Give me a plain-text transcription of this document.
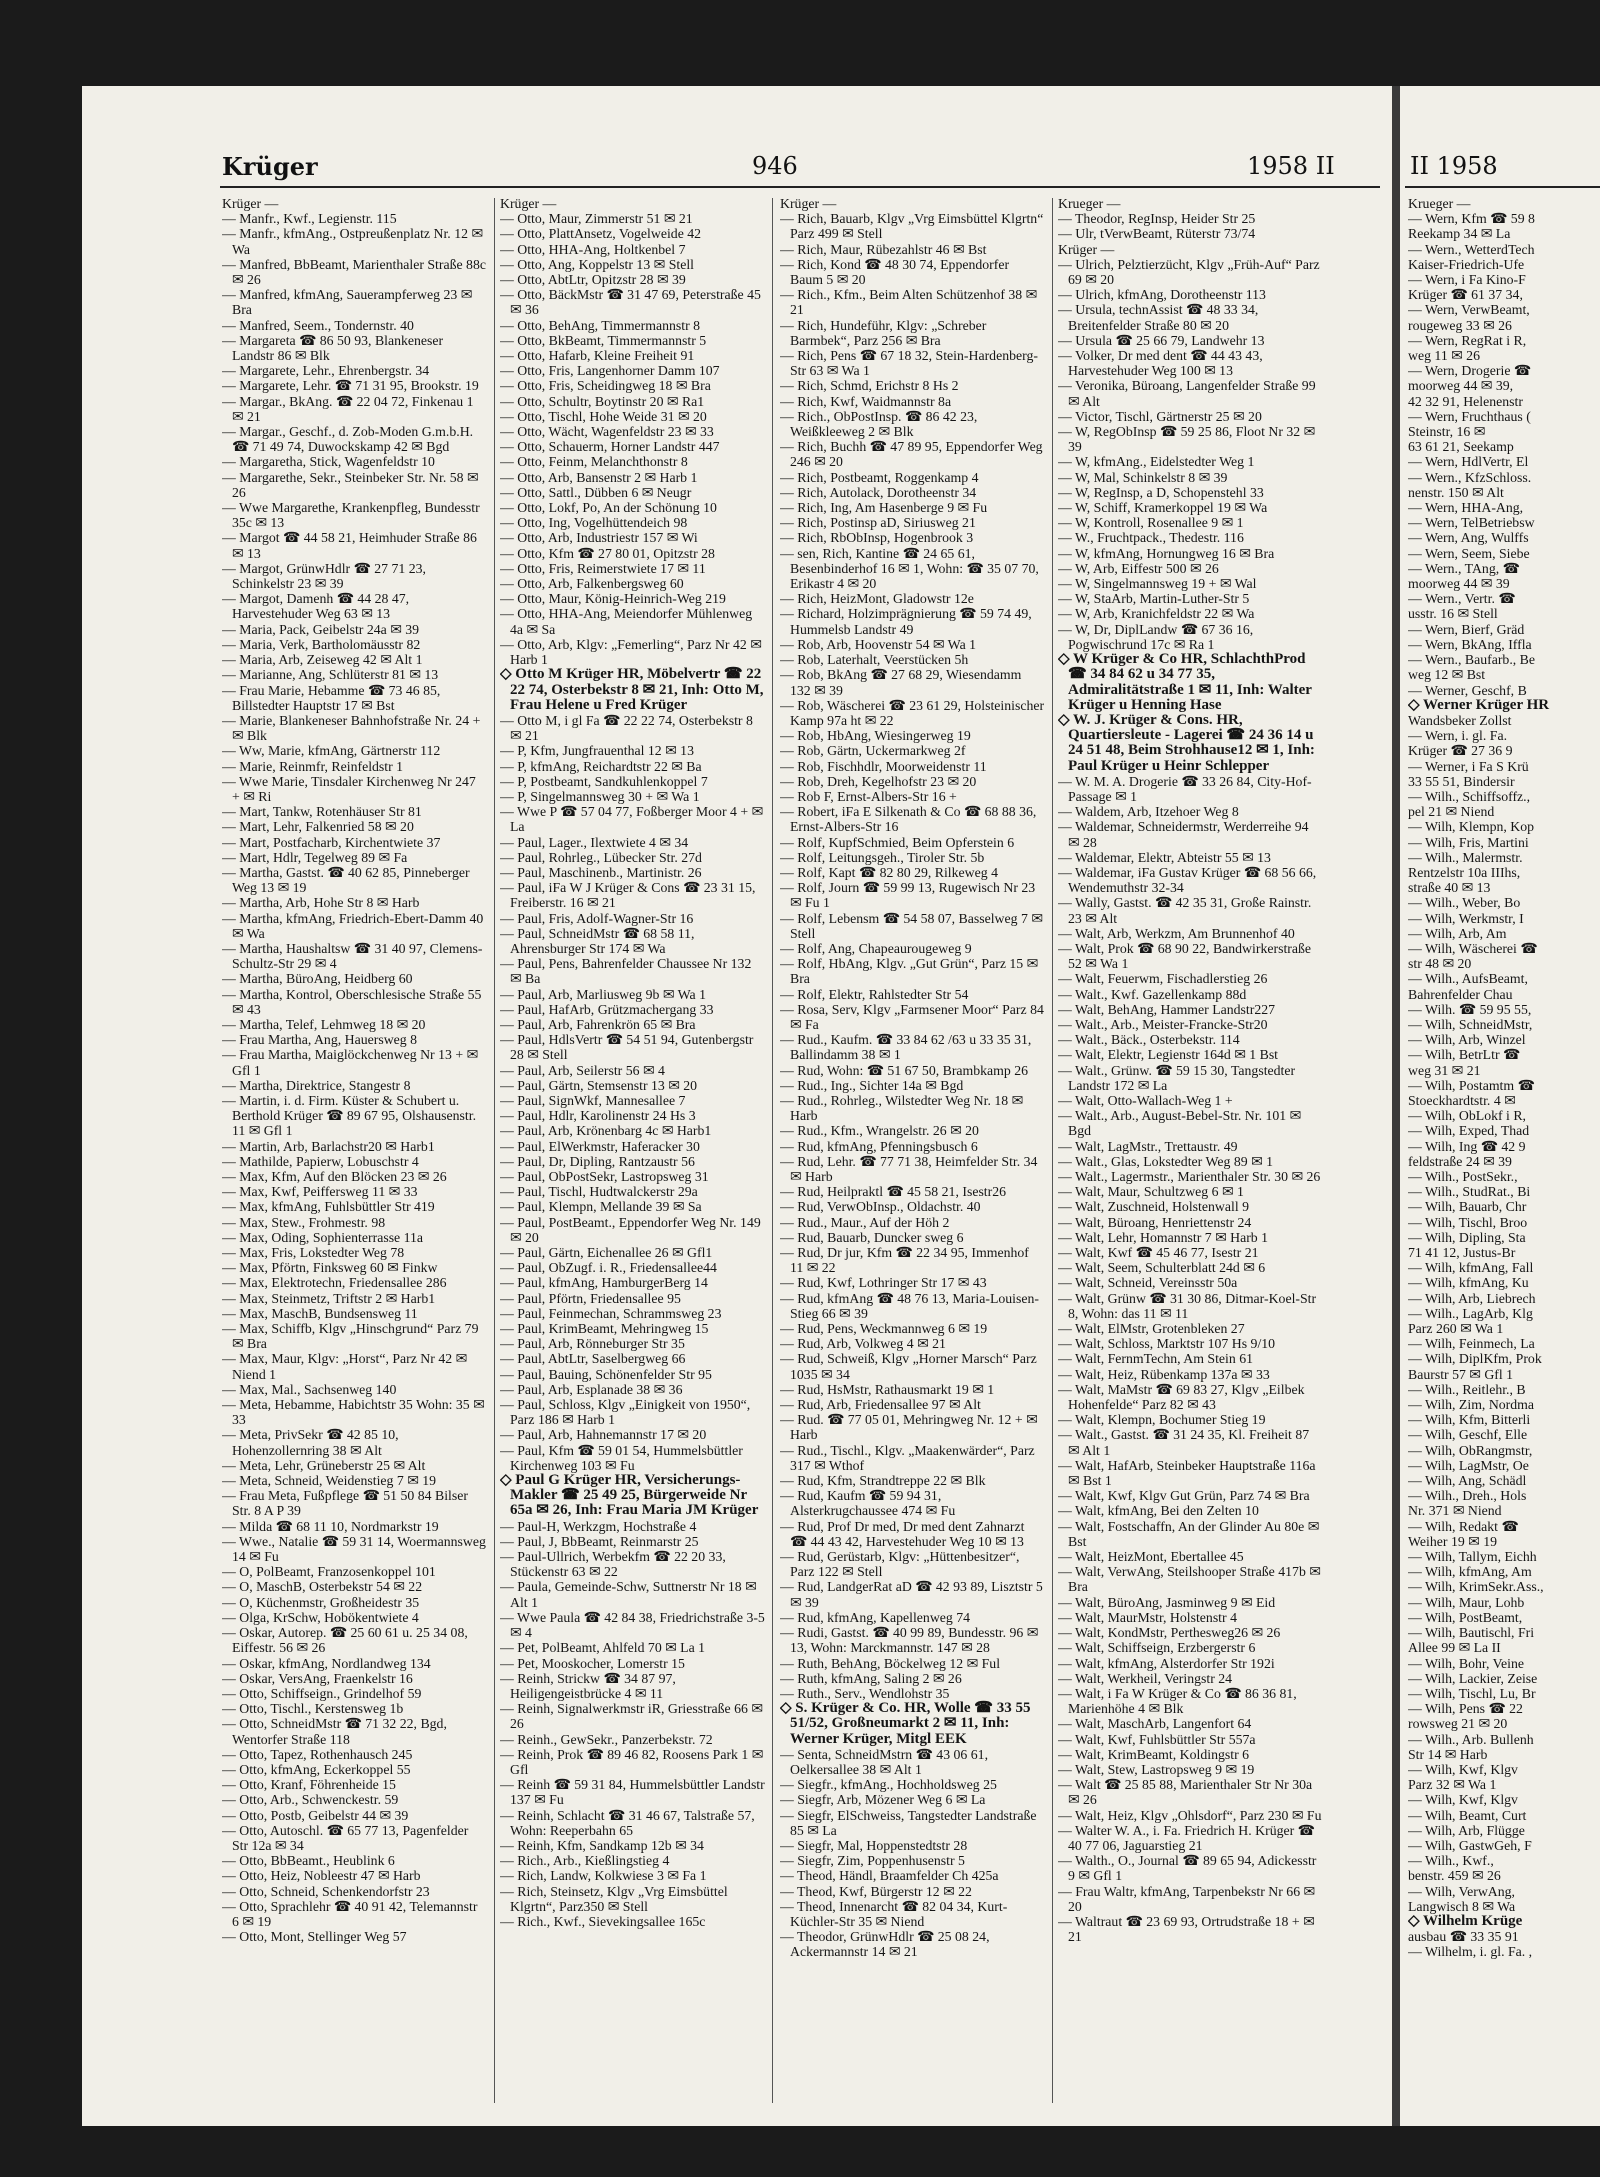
Krüger	946	1958 II
Krüger —
— Manfr., Kwf., Legienstr. 115
— Manfr., kfmAng., Ostpreußenplatz Nr. 12 ✉ Wa
— Manfred, BbBeamt, Marienthaler Straße 88c ✉ 26
— Manfred, kfmAng, Sauerampferweg 23 ✉ Bra
— Manfred, Seem., Tondernstr. 40
— Margareta ☎ 86 50 93, Blankeneser Landstr 86 ✉ Blk
— Margarete, Lehr., Ehrenbergstr. 34
— Margarete, Lehr. ☎ 71 31 95, Brookstr. 19
— Margar., BkAng. ☎ 22 04 72, Finkenau 1 ✉ 21
— Margar., Geschf., d. Zob-Moden G.m.b.H. ☎ 71 49 74, Duwockskamp 42 ✉ Bgd
— Margaretha, Stick, Wagenfeldstr 10
— Margarethe, Sekr., Steinbeker Str. Nr. 58 ✉ 26
— Wwe Margarethe, Krankenpfleg, Bundesstr 35c ✉ 13
— Margot ☎ 44 58 21, Heimhuder Straße 86 ✉ 13
— Margot, GrünwHdlr ☎ 27 71 23, Schinkelstr 23 ✉ 39
— Margot, Damenh ☎ 44 28 47, Harvestehuder Weg 63 ✉ 13
— Maria, Pack, Geibelstr 24a ✉ 39
— Maria, Verk, Bartholomäusstr 82
— Maria, Arb, Zeiseweg 42 ✉ Alt 1
— Marianne, Ang, Schlüterstr 81 ✉ 13
— Frau Marie, Hebamme ☎ 73 46 85, Billstedter Hauptstr 17 ✉ Bst
— Marie, Blankeneser Bahnhofstraße Nr. 24 + ✉ Blk
— Ww, Marie, kfmAng, Gärtnerstr 112
— Marie, Reinmfr, Reinfeldstr 1
— Wwe Marie, Tinsdaler Kirchenweg Nr 247 + ✉ Ri
— Mart, Tankw, Rotenhäuser Str 81
— Mart, Lehr, Falkenried 58 ✉ 20
— Mart, Postfacharb, Kirchentwiete 37
— Mart, Hdlr, Tegelweg 89 ✉ Fa
— Martha, Gastst. ☎ 40 62 85, Pinneberger Weg 13 ✉ 19
— Martha, Arb, Hohe Str 8 ✉ Harb
— Martha, kfmAng, Friedrich-Ebert-Damm 40 ✉ Wa
— Martha, Haushaltsw ☎ 31 40 97, Clemens-Schultz-Str 29 ✉ 4
— Martha, BüroAng, Heidberg 60
— Martha, Kontrol, Oberschlesische Straße 55 ✉ 43
— Martha, Telef, Lehmweg 18 ✉ 20
— Frau Martha, Ang, Hauersweg 8
— Frau Martha, Maiglöckchenweg Nr 13 + ✉ Gfl 1
— Martha, Direktrice, Stangestr 8
— Martin, i. d. Firm. Küster & Schubert u. Berthold Krüger ☎ 89 67 95, Olshausenstr. 11 ✉ Gfl 1
— Martin, Arb, Barlachstr20 ✉ Harb1
— Mathilde, Papierw, Lobuschstr 4
— Max, Kfm, Auf den Blöcken 23 ✉ 26
— Max, Kwf, Peiffersweg 11 ✉ 33
— Max, kfmAng, Fuhlsbüttler Str 419
— Max, Stew., Frohmestr. 98
— Max, Oding, Sophienterrasse 11a
— Max, Fris, Lokstedter Weg 78
— Max, Pförtn, Finksweg 60 ✉ Finkw
— Max, Elektrotechn, Friedensallee 286
— Max, Steinmetz, Triftstr 2 ✉ Harb1
— Max, MaschB, Bundsensweg 11
— Max, Schiffb, Klgv „Hinschgrund“ Parz 79 ✉ Bra
— Max, Maur, Klgv: „Horst“, Parz Nr 42 ✉ Niend 1
— Max, Mal., Sachsenweg 140
— Meta, Hebamme, Habichtstr 35 Wohn: 35 ✉ 33
— Meta, PrivSekr ☎ 42 85 10, Hohenzollernring 38 ✉ Alt
— Meta, Lehr, Grüneberstr 25 ✉ Alt
— Meta, Schneid, Weidenstieg 7 ✉ 19
— Frau Meta, Fußpflege ☎ 51 50 84 Bilser Str. 8 A P 39
— Milda ☎ 68 11 10, Nordmarkstr 19
— Wwe., Natalie ☎ 59 31 14, Woermannsweg 14 ✉ Fu
— O, PolBeamt, Franzosenkoppel 101
— O, MaschB, Osterbekstr 54 ✉ 22
— O, Küchenmstr, Großheidestr 35
— Olga, KrSchw, Hobökentwiete 4
— Oskar, Autorep. ☎ 25 60 61 u. 25 34 08, Eiffestr. 56 ✉ 26
— Oskar, kfmAng, Nordlandweg 134
— Oskar, VersAng, Fraenkelstr 16
— Otto, Schiffseign., Grindelhof 59
— Otto, Tischl., Kerstensweg 1b
— Otto, SchneidMstr ☎ 71 32 22, Bgd, Wentorfer Straße 118
— Otto, Tapez, Rothenhausch 245
— Otto, kfmAng, Eckerkoppel 55
— Otto, Kranf, Föhrenheide 15
— Otto, Arb., Schwenckestr. 59
— Otto, Postb, Geibelstr 44 ✉ 39
— Otto, Autoschl. ☎ 65 77 13, Pagenfelder Str 12a ✉ 34
— Otto, BbBeamt., Heublink 6
— Otto, Heiz, Nobleestr 47 ✉ Harb
— Otto, Schneid, Schenkendorfstr 23
— Otto, Sprachlehr ☎ 40 91 42, Telemannstr 6 ✉ 19
— Otto, Mont, Stellinger Weg 57
Krüger —
— Otto, Maur, Zimmerstr 51 ✉ 21
— Otto, PlattAnsetz, Vogelweide 42
— Otto, HHA-Ang, Holtkenbel 7
— Otto, Ang, Koppelstr 13 ✉ Stell
— Otto, AbtLtr, Opitzstr 28 ✉ 39
— Otto, BäckMstr ☎ 31 47 69, Peterstraße 45 ✉ 36
— Otto, BehAng, Timmermannstr 8
— Otto, BkBeamt, Timmermannstr 5
— Otto, Hafarb, Kleine Freiheit 91
— Otto, Fris, Langenhorner Damm 107
— Otto, Fris, Scheidingweg 18 ✉ Bra
— Otto, Schultr, Boytinstr 20 ✉ Ra1
— Otto, Tischl, Hohe Weide 31 ✉ 20
— Otto, Wächt, Wagenfeldstr 23 ✉ 33
— Otto, Schauerm, Horner Landstr 447
— Otto, Feinm, Melanchthonstr 8
— Otto, Arb, Bansenstr 2 ✉ Harb 1
— Otto, Sattl., Dübben 6 ✉ Neugr
— Otto, Lokf, Po, An der Schönung 10
— Otto, Ing, Vogelhüttendeich 98
— Otto, Arb, Industriestr 157 ✉ Wi
— Otto, Kfm ☎ 27 80 01, Opitzstr 28
— Otto, Fris, Reimerstwiete 17 ✉ 11
— Otto, Arb, Falkenbergsweg 60
— Otto, Maur, König-Heinrich-Weg 219
— Otto, HHA-Ang, Meiendorfer Mühlenweg 4a ✉ Sa
— Otto, Arb, Klgv: „Femerling“, Parz Nr 42 ✉ Harb 1
◇ Otto M Krüger HR, Möbelvertr ☎ 22 22 74, Osterbekstr 8 ✉ 21, Inh: Otto M, Frau Helene u Fred Krüger
— Otto M, i gl Fa ☎ 22 22 74, Osterbekstr 8 ✉ 21
— P, Kfm, Jungfrauenthal 12 ✉ 13
— P, kfmAng, Reichardtstr 22 ✉ Ba
— P, Postbeamt, Sandkuhlenkoppel 7
— P, Singelmannsweg 30 + ✉ Wa 1
— Wwe P ☎ 57 04 77, Foßberger Moor 4 + ✉ La
— Paul, Lager., Ilextwiete 4 ✉ 34
— Paul, Rohrleg., Lübecker Str. 27d
— Paul, Maschinenb., Martinistr. 26
— Paul, iFa W J Krüger & Cons ☎ 23 31 15, Freiberstr. 16 ✉ 21
— Paul, Fris, Adolf-Wagner-Str 16
— Paul, SchneidMstr ☎ 68 58 11, Ahrensburger Str 174 ✉ Wa
— Paul, Pens, Bahrenfelder Chaussee Nr 132 ✉ Ba
— Paul, Arb, Marliusweg 9b ✉ Wa 1
— Paul, HafArb, Grützmachergang 33
— Paul, Arb, Fahrenkrön 65 ✉ Bra
— Paul, HdlsVertr ☎ 54 51 94, Gutenbergstr 28 ✉ Stell
— Paul, Arb, Seilerstr 56 ✉ 4
— Paul, Gärtn, Stemsenstr 13 ✉ 20
— Paul, SignWkf, Mannesallee 7
— Paul, Hdlr, Karolinenstr 24 Hs 3
— Paul, Arb, Krönenbarg 4c ✉ Harb1
— Paul, ElWerkmstr, Haferacker 30
— Paul, Dr, Dipling, Rantzaustr 56
— Paul, ObPostSekr, Lastropsweg 31
— Paul, Tischl, Hudtwalckerstr 29a
— Paul, Klempn, Mellande 39 ✉ Sa
— Paul, PostBeamt., Eppendorfer Weg Nr. 149 ✉ 20
— Paul, Gärtn, Eichenallee 26 ✉ Gfl1
— Paul, ObZugf. i. R., Friedensallee44
— Paul, kfmAng, HamburgerBerg 14
— Paul, Pförtn, Friedensallee 95
— Paul, Feinmechan, Schrammsweg 23
— Paul, KrimBeamt, Mehringweg 15
— Paul, Arb, Rönneburger Str 35
— Paul, AbtLtr, Saselbergweg 66
— Paul, Bauing, Schönenfelder Str 95
— Paul, Arb, Esplanade 38 ✉ 36
— Paul, Schloss, Klgv „Einigkeit von 1950“, Parz 186 ✉ Harb 1
— Paul, Arb, Hahnemannstr 17 ✉ 20
— Paul, Kfm ☎ 59 01 54, Hummelsbüttler Kirchenweg 103 ✉ Fu
◇ Paul G Krüger HR, Versicherungs-Makler ☎ 25 49 25, Bürgerweide Nr 65a ✉ 26, Inh: Frau Maria JM Krüger
— Paul-H, Werkzgm, Hochstraße 4
— Paul, J, BbBeamt, Reinmarstr 25
— Paul-Ullrich, Werbekfm ☎ 22 20 33, Stückenstr 63 ✉ 22
— Paula, Gemeinde-Schw, Suttnerstr Nr 18 ✉ Alt 1
— Wwe Paula ☎ 42 84 38, Friedrichstraße 3-5 ✉ 4
— Pet, PolBeamt, Ahlfeld 70 ✉ La 1
— Pet, Mooskocher, Lomerstr 15
— Reinh, Strickw ☎ 34 87 97, Heiligengeistbrücke 4 ✉ 11
— Reinh, Signalwerkmstr iR, Griesstraße 66 ✉ 26
— Reinh., GewSekr., Panzerbekstr. 72
— Reinh, Prok ☎ 89 46 82, Roosens Park 1 ✉ Gfl
— Reinh ☎ 59 31 84, Hummelsbüttler Landstr 137 ✉ Fu
— Reinh, Schlacht ☎ 31 46 67, Talstraße 57, Wohn: Reeperbahn 65
— Reinh, Kfm, Sandkamp 12b ✉ 34
— Rich., Arb., Kießlingstieg 4
— Rich, Landw, Kolkwiese 3 ✉ Fa 1
— Rich, Steinsetz, Klgv „Vrg Eimsbüttel Klgrtn“, Parz350 ✉ Stell
— Rich., Kwf., Sievekingsallee 165c
Krüger —
— Rich, Bauarb, Klgv „Vrg Eimsbüttel Klgrtn“ Parz 499 ✉ Stell
— Rich, Maur, Rübezahlstr 46 ✉ Bst
— Rich, Kond ☎ 48 30 74, Eppendorfer Baum 5 ✉ 20
— Rich., Kfm., Beim Alten Schützenhof 38 ✉ 21
— Rich, Hundeführ, Klgv: „Schreber Barmbek“, Parz 256 ✉ Bra
— Rich, Pens ☎ 67 18 32, Stein-Hardenberg-Str 63 ✉ Wa 1
— Rich, Schmd, Erichstr 8 Hs 2
— Rich, Kwf, Waidmannstr 8a
— Rich., ObPostInsp. ☎ 86 42 23, Weißkleeweg 2 ✉ Blk
— Rich, Buchh ☎ 47 89 95, Eppendorfer Weg 246 ✉ 20
— Rich, Postbeamt, Roggenkamp 4
— Rich, Autolack, Dorotheenstr 34
— Rich, Ing, Am Hasenberge 9 ✉ Fu
— Rich, Postinsp aD, Siriusweg 21
— Rich, RbObInsp, Hogenbrook 3
— sen, Rich, Kantine ☎ 24 65 61, Besenbinderhof 16 ✉ 1, Wohn: ☎ 35 07 70, Erikastr 4 ✉ 20
— Rich, HeizMont, Gladowstr 12e
— Richard, Holzimprägnierung ☎ 59 74 49, Hummelsb Landstr 49
— Rob, Arb, Hoovenstr 54 ✉ Wa 1
— Rob, Laterhalt, Veerstücken 5h
— Rob, BkAng ☎ 27 68 29, Wiesendamm 132 ✉ 39
— Rob, Wäscherei ☎ 23 61 29, Holsteinischer Kamp 97a ht ✉ 22
— Rob, HbAng, Wiesingerweg 19
— Rob, Gärtn, Uckermarkweg 2f
— Rob, Fischhdlr, Moorweidenstr 11
— Rob, Dreh, Kegelhofstr 23 ✉ 20
— Rob F, Ernst-Albers-Str 16 +
— Robert, iFa E Silkenath & Co ☎ 68 88 36, Ernst-Albers-Str 16
— Rolf, KupfSchmied, Beim Opferstein 6
— Rolf, Leitungsgeh., Tiroler Str. 5b
— Rolf, Kapt ☎ 82 80 29, Rilkeweg 4
— Rolf, Journ ☎ 59 99 13, Rugewisch Nr 23 ✉ Fu 1
— Rolf, Lebensm ☎ 54 58 07, Basselweg 7 ✉ Stell
— Rolf, Ang, Chapeaurougeweg 9
— Rolf, HbAng, Klgv. „Gut Grün“, Parz 15 ✉ Bra
— Rolf, Elektr, Rahlstedter Str 54
— Rosa, Serv, Klgv „Farmsener Moor“ Parz 84 ✉ Fa
— Rud., Kaufm. ☎ 33 84 62 /63 u 33 35 31, Ballindamm 38 ✉ 1
— Rud, Wohn: ☎ 51 67 50, Brambkamp 26
— Rud., Ing., Sichter 14a ✉ Bgd
— Rud., Rohrleg., Wilstedter Weg Nr. 18 ✉ Harb
— Rud., Kfm., Wrangelstr. 26 ✉ 20
— Rud, kfmAng, Pfenningsbusch 6
— Rud, Lehr. ☎ 77 71 38, Heimfelder Str. 34 ✉ Harb
— Rud, Heilpraktl ☎ 45 58 21, Isestr26
— Rud, VerwObInsp., Oldachstr. 40
— Rud., Maur., Auf der Höh 2
— Rud, Bauarb, Duncker sweg 6
— Rud, Dr jur, Kfm ☎ 22 34 95, Immenhof 11 ✉ 22
— Rud, Kwf, Lothringer Str 17 ✉ 43
— Rud, kfmAng ☎ 48 76 13, Maria-Louisen-Stieg 66 ✉ 39
— Rud, Pens, Weckmannweg 6 ✉ 19
— Rud, Arb, Volkweg 4 ✉ 21
— Rud, Schweiß, Klgv „Horner Marsch“ Parz 1035 ✉ 34
— Rud, HsMstr, Rathausmarkt 19 ✉ 1
— Rud, Arb, Friedensallee 97 ✉ Alt
— Rud. ☎ 77 05 01, Mehringweg Nr. 12 + ✉ Harb
— Rud., Tischl., Klgv. „Maakenwärder“, Parz 317 ✉ Wthof
— Rud, Kfm, Strandtreppe 22 ✉ Blk
— Rud, Kaufm ☎ 59 94 31, Alsterkrugchaussee 474 ✉ Fu
— Rud, Prof Dr med, Dr med dent Zahnarzt ☎ 44 43 42, Harvestehuder Weg 10 ✉ 13
— Rud, Gerüstarb, Klgv: „Hüttenbesitzer“, Parz 122 ✉ Stell
— Rud, LandgerRat aD ☎ 42 93 89, Lisztstr 5 ✉ 39
— Rud, kfmAng, Kapellenweg 74
— Rudi, Gastst. ☎ 40 99 89, Bundesstr. 96 ✉ 13, Wohn: Marckmannstr. 147 ✉ 28
— Ruth, BehAng, Böckelweg 12 ✉ Ful
— Ruth, kfmAng, Saling 2 ✉ 26
— Ruth., Serv., Wendlohstr 35
◇ S. Krüger & Co. HR, Wolle ☎ 33 55 51/52, Großneumarkt 2 ✉ 11, Inh: Werner Krüger, Mitgl EEK
— Senta, SchneidMstrn ☎ 43 06 61, Oelkersallee 38 ✉ Alt 1
— Siegfr., kfmAng., Hochholdsweg 25
— Siegfr, Arb, Mözener Weg 6 ✉ La
— Siegfr, ElSchweiss, Tangstedter Landstraße 85 ✉ La
— Siegfr, Mal, Hoppenstedtstr 28
— Siegfr, Zim, Poppenhusenstr 5
— Theod, Händl, Braamfelder Ch 425a
— Theod, Kwf, Bürgerstr 12 ✉ 22
— Theod, Innenarcht ☎ 82 04 34, Kurt-Küchler-Str 35 ✉ Niend
— Theodor, GrünwHdlr ☎ 25 08 24, Ackermannstr 14 ✉ 21
Krueger —
— Theodor, RegInsp, Heider Str 25
— Ulr, tVerwBeamt, Rüterstr 73/74
Krüger —
— Ulrich, Pelztierzücht, Klgv „Früh-Auf“ Parz 69 ✉ 20
— Ulrich, kfmAng, Dorotheenstr 113
— Ursula, technAssist ☎ 48 33 34, Breitenfelder Straße 80 ✉ 20
— Ursula ☎ 25 66 79, Landwehr 13
— Volker, Dr med dent ☎ 44 43 43, Harvestehuder Weg 100 ✉ 13
— Veronika, Büroang, Langenfelder Straße 99 ✉ Alt
— Victor, Tischl, Gärtnerstr 25 ✉ 20
— W, RegObInsp ☎ 59 25 86, Floot Nr 32 ✉ 39
— W, kfmAng., Eidelstedter Weg 1
— W, Mal, Schinkelstr 8 ✉ 39
— W, RegInsp, a D, Schopenstehl 33
— W, Schiff, Kramerkoppel 19 ✉ Wa
— W, Kontroll, Rosenallee 9 ✉ 1
— W., Fruchtpack., Thedestr. 116
— W, kfmAng, Hornungweg 16 ✉ Bra
— W, Arb, Eiffestr 500 ✉ 26
— W, Singelmannsweg 19 + ✉ Wal
— W, StaArb, Martin-Luther-Str 5
— W, Arb, Kranichfeldstr 22 ✉ Wa
— W, Dr, DiplLandw ☎ 67 36 16, Pogwischrund 17c ✉ Ra 1
◇ W Krüger & Co HR, SchlachthProd ☎ 34 84 62 u 34 77 35, Admiralitätstraße 1 ✉ 11, Inh: Walter Krüger u Henning Hase
◇ W. J. Krüger & Cons. HR, Quartiersleute - Lagerei ☎ 24 36 14 u 24 51 48, Beim Strohhause12 ✉ 1, Inh: Paul Krüger u Heinr Schlepper
— W. M. A. Drogerie ☎ 33 26 84, City-Hof-Passage ✉ 1
— Waldem, Arb, Itzehoer Weg 8
— Waldemar, Schneidermstr, Werderreihe 94 ✉ 28
— Waldemar, Elektr, Abteistr 55 ✉ 13
— Waldemar, iFa Gustav Krüger ☎ 68 56 66, Wendemuthstr 32-34
— Wally, Gastst. ☎ 42 35 31, Große Rainstr. 23 ✉ Alt
— Walt, Arb, Werkzm, Am Brunnenhof 40
— Walt, Prok ☎ 68 90 22, Bandwirkerstraße 52 ✉ Wa 1
— Walt, Feuerwm, Fischadlerstieg 26
— Walt., Kwf. Gazellenkamp 88d
— Walt, BehAng, Hammer Landstr227
— Walt., Arb., Meister-Francke-Str20
— Walt., Bäck., Osterbekstr. 114
— Walt, Elektr, Legienstr 164d ✉ 1 Bst
— Walt., Grünw. ☎ 59 15 30, Tangstedter Landstr 172 ✉ La
— Walt, Otto-Wallach-Weg 1 +
— Walt., Arb., August-Bebel-Str. Nr. 101 ✉ Bgd
— Walt, LagMstr., Trettaustr. 49
— Walt., Glas, Lokstedter Weg 89 ✉ 1
— Walt., Lagermstr., Marienthaler Str. 30 ✉ 26
— Walt, Maur, Schultzweg 6 ✉ 1
— Walt, Zuschneid, Holstenwall 9
— Walt, Büroang, Henriettenstr 24
— Walt, Lehr, Homannstr 7 ✉ Harb 1
— Walt, Kwf ☎ 45 46 77, Isestr 21
— Walt, Seem, Schulterblatt 24d ✉ 6
— Walt, Schneid, Vereinsstr 50a
— Walt, Grünw ☎ 31 30 86, Ditmar-Koel-Str 8, Wohn: das 11 ✉ 11
— Walt, ElMstr, Grotenbleken 27
— Walt, Schloss, Marktstr 107 Hs 9/10
— Walt, FernmTechn, Am Stein 61
— Walt, Heiz, Rübenkamp 137a ✉ 33
— Walt, MaMstr ☎ 69 83 27, Klgv „Eilbek Hohenfelde“ Parz 82 ✉ 43
— Walt, Klempn, Bochumer Stieg 19
— Walt., Gastst. ☎ 31 24 35, Kl. Freiheit 87 ✉ Alt 1
— Walt, HafArb, Steinbeker Hauptstraße 116a ✉ Bst 1
— Walt, Kwf, Klgv Gut Grün, Parz 74 ✉ Bra
— Walt, kfmAng, Bei den Zelten 10
— Walt, Fostschaffn, An der Glinder Au 80e ✉ Bst
— Walt, HeizMont, Ebertallee 45
— Walt, VerwAng, Steilshooper Straße 417b ✉ Bra
— Walt, BüroAng, Jasminweg 9 ✉ Eid
— Walt, MaurMstr, Holstenstr 4
— Walt, KondMstr, Perthesweg26 ✉ 26
— Walt, Schiffseign, Erzbergerstr 6
— Walt, kfmAng, Alsterdorfer Str 192i
— Walt, Werkheil, Veringstr 24
— Walt, i Fa W Krüger & Co ☎ 86 36 81, Marienhöhe 4 ✉ Blk
— Walt, MaschArb, Langenfort 64
— Walt, Kwf, Fuhlsbüttler Str 557a
— Walt, KrimBeamt, Koldingstr 6
— Walt, Stew, Lastropsweg 9 ✉ 19
— Walt ☎ 25 85 88, Marienthaler Str Nr 30a ✉ 26
— Walt, Heiz, Klgv „Ohlsdorf“, Parz 230 ✉ Fu
— Walter W. A., i. Fa. Friedrich H. Krüger ☎ 40 77 06, Jaguarstieg 21
— Walth., O., Journal ☎ 89 65 94, Adickesstr 9 ✉ Gfl 1
— Frau Waltr, kfmAng, Tarpenbekstr Nr 66 ✉ 20
— Waltraut ☎ 23 69 93, Ortrudstraße 18 + ✉ 21
II 1958
Krueger —
— Wern, Kfm ☎ 59 8
Reekamp 34 ✉ La
— Wern., WetterdTech
Kaiser-Friedrich-Ufe
— Wern, i Fa Kino-F
Krüger ☎ 61 37 34,
— Wern, VerwBeamt,
rougeweg 33 ✉ 26
— Wern, RegRat i R,
weg 11 ✉ 26
— Wern, Drogerie ☎
moorweg 44 ✉ 39,
42 32 91, Helenenstr
— Wern, Fruchthaus (
Steinstr, 16 ✉
63 61 21, Seekamp
— Wern, HdlVertr, El
— Wern., KfzSchloss.
nenstr. 150 ✉ Alt
— Wern, HHA-Ang,
— Wern, TelBetriebsw
— Wern, Ang, Wulffs
— Wern, Seem, Siebe
— Wern., TAng, ☎
moorweg 44 ✉ 39
— Wern., Vertr. ☎
usstr. 16 ✉ Stell
— Wern, Bierf, Gräd
— Wern, BkAng, Iffla
— Wern., Baufarb., Be
weg 12 ✉ Bst
— Werner, Geschf, B
◇ Werner Krüger HR
Wandsbeker Zollst
— Wern, i. gl. Fa.
Krüger ☎ 27 36 9
— Werner, i Fa S Krü
33 55 51, Bindersir
— Wilh., Schiffsoffz.,
pel 21 ✉ Niend
— Wilh, Klempn, Kop
— Wilh, Fris, Martini
— Wilh., Malermstr.
Rentzelstr 10a IIIhs,
straße 40 ✉ 13
— Wilh., Weber, Bo
— Wilh, Werkmstr, I
— Wilh, Arb, Am
— Wilh, Wäscherei ☎
str 48 ✉ 20
— Wilh., AufsBeamt,
Bahrenfelder Chau
— Wilh. ☎ 59 95 55,
— Wilh, SchneidMstr,
— Wilh, Arb, Winzel
— Wilh, BetrLtr ☎
weg 31 ✉ 21
— Wilh, Postamtm ☎
Stoeckhardtstr. 4 ✉
— Wilh, ObLokf i R,
— Wilh, Exped, Thad
— Wilh, Ing ☎ 42 9
feldstraße 24 ✉ 39
— Wilh., PostSekr.,
— Wilh., StudRat., Bi
— Wilh, Bauarb, Chr
— Wilh, Tischl, Broo
— Wilh, Dipling, Sta
71 41 12, Justus-Br
— Wilh, kfmAng, Fall
— Wilh, kfmAng, Ku
— Wilh, Arb, Liebrech
— Wilh., LagArb, Klg
Parz 260 ✉ Wa 1
— Wilh, Feinmech, La
— Wilh, DiplKfm, Prok
Baurstr 57 ✉ Gfl 1
— Wilh., Reitlehr., B
— Wilh, Zim, Nordma
— Wilh, Kfm, Bitterli
— Wilh, Geschf, Elle
— Wilh, ObRangmstr,
— Wilh, LagMstr, Oe
— Wilh, Ang, Schädl
— Wilh., Dreh., Hols
Nr. 371 ✉ Niend
— Wilh, Redakt ☎
Weiher 19 ✉ 19
— Wilh, Tallym, Eichh
— Wilh, kfmAng, Am
— Wilh, KrimSekr.Ass.,
— Wilh, Maur, Lohb
— Wilh, PostBeamt,
— Wilh, Bautischl, Fri
Allee 99 ✉ La II
— Wilh, Bohr, Veine
— Wilh, Lackier, Zeise
— Wilh, Tischl, Lu, Br
— Wilh, Pens ☎ 22
rowsweg 21 ✉ 20
— Wilh., Arb. Bullenh
Str 14 ✉ Harb
— Wilh, Kwf, Klgv
Parz 32 ✉ Wa 1
— Wilh, Kwf, Klgv
— Wilh, Beamt, Curt
— Wilh, Arb, Flügge
— Wilh, GastwGeh, F
— Wilh., Kwf.,
benstr. 459 ✉ 26
— Wilh, VerwAng,
Langwisch 8 ✉ Wa
◇ Wilhelm Krüge
ausbau ☎ 33 35 91
— Wilhelm, i. gl. Fa. ,
